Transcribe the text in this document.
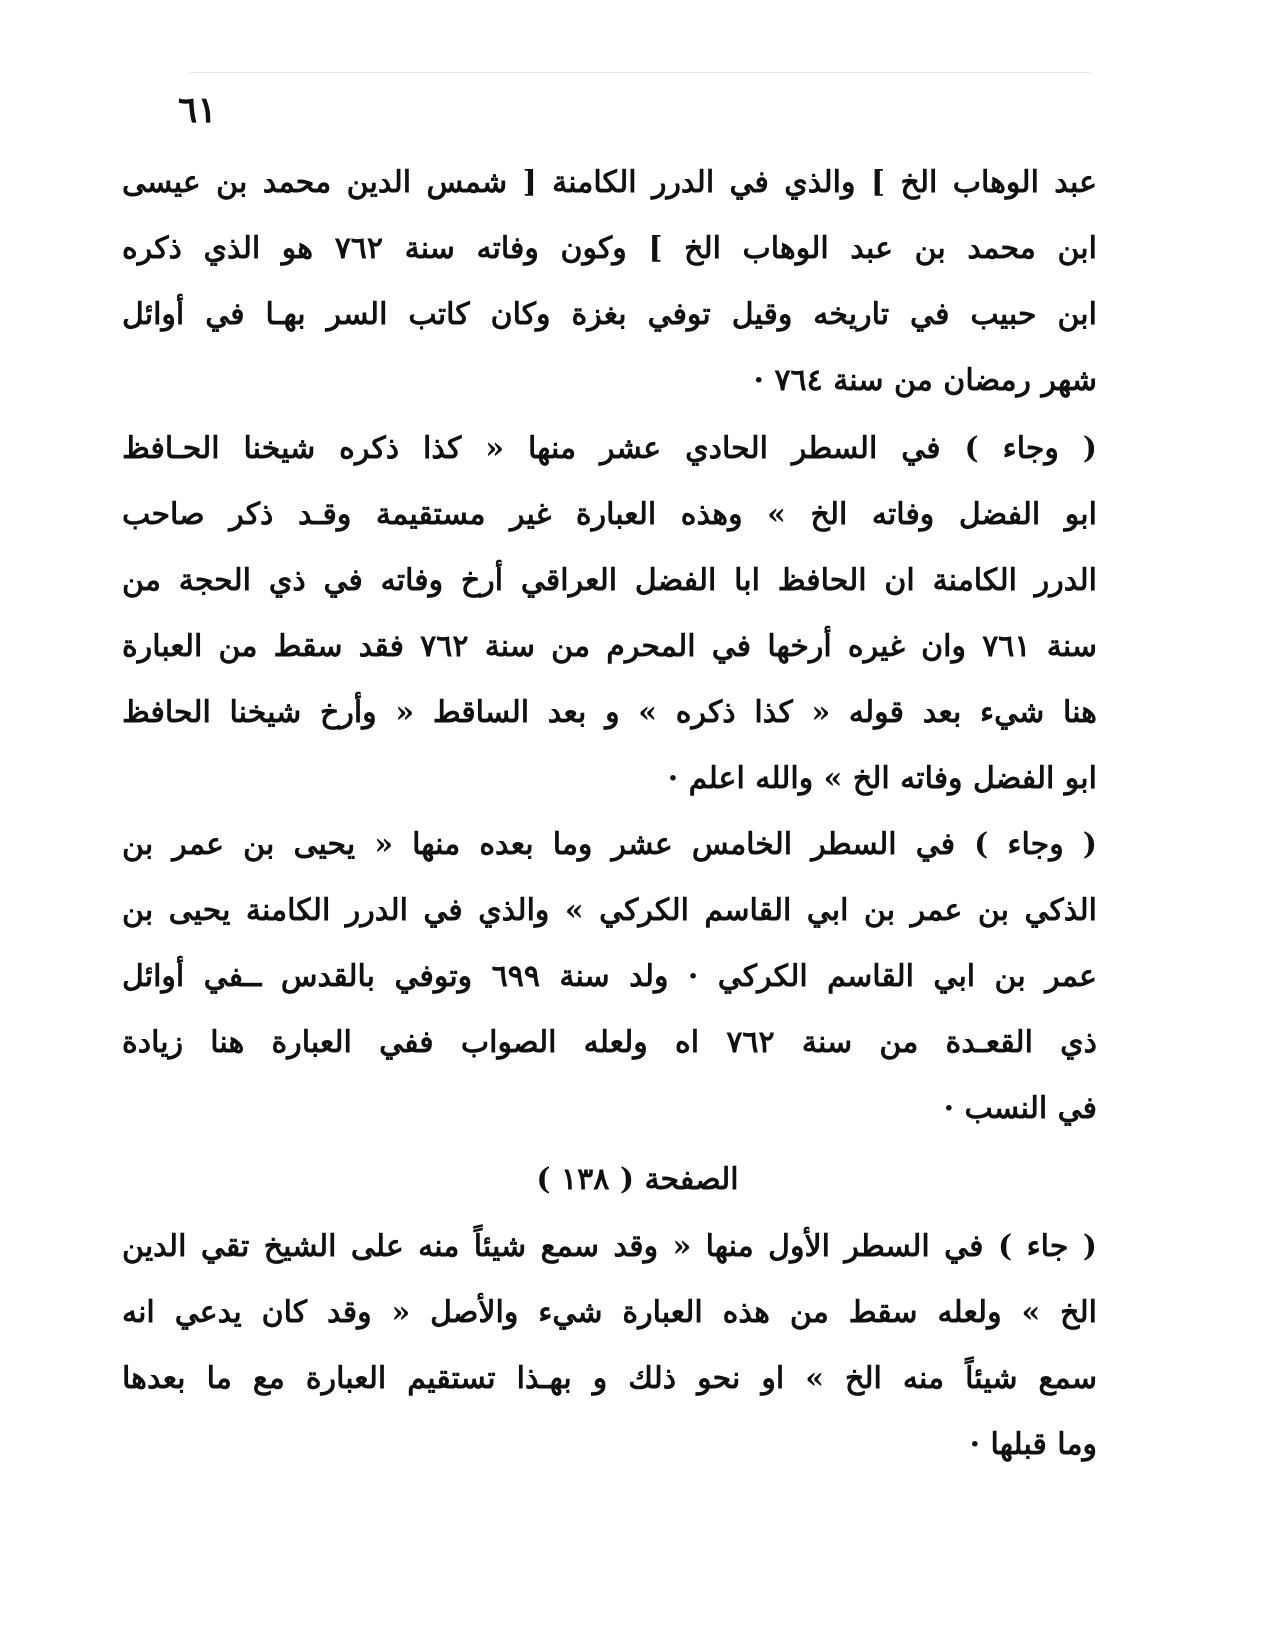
٦١
عبد الوهاب الخ ] والذي في الدرر الكامنة [ شمس الدين محمد بن عيسى
ابن محمد بن عبد الوهاب الخ ] وكون وفاته سنة ٧٦٢ هو الذي ذكره
ابن حبيب في تاريخه وقيل توفي بغزة وكان كاتب السر بهـا في أوائل
شهر رمضان من سنة ٧٦٤ ·
( وجاء ) في السطر الحادي عشر منها « كذا ذكره شيخنا الحـافظ
ابو الفضل وفاته الخ » وهذه العبارة غير مستقيمة وقـد ذكر صاحب
الدرر الكامنة ان الحافظ ابا الفضل العراقي أرخ وفاته في ذي الحجة من
سنة ٧٦١ وان غيره أرخها في المحرم من سنة ٧٦٢ فقد سقط من العبارة
هنا شيء بعد قوله « كذا ذكره » و بعد الساقط « وأرخ شيخنا الحافظ
ابو الفضل وفاته الخ » والله اعلم ·
( وجاء ) في السطر الخامس عشر وما بعده منها « يحيى بن عمر بن
الذكي بن عمر بن ابي القاسم الكركي » والذي في الدرر الكامنة يحيى بن
عمر بن ابي القاسم الكركي · ولد سنة ٦٩٩ وتوفي بالقدس ــفي أوائل
ذي القعـدة من سنة ٧٦٢ اه ولعله الصواب ففي العبارة هنا زيادة
في النسب ·
الصفحة ( ١٣٨ )
( جاء ) في السطر الأول منها « وقد سمع شيئاً منه على الشيخ تقي الدين
الخ » ولعله سقط من هذه العبارة شيء والأصل « وقد كان يدعي انه
سمع شيئاً منه الخ » او نحو ذلك و بهـذا تستقيم العبارة مع ما بعدها
وما قبلها ·
